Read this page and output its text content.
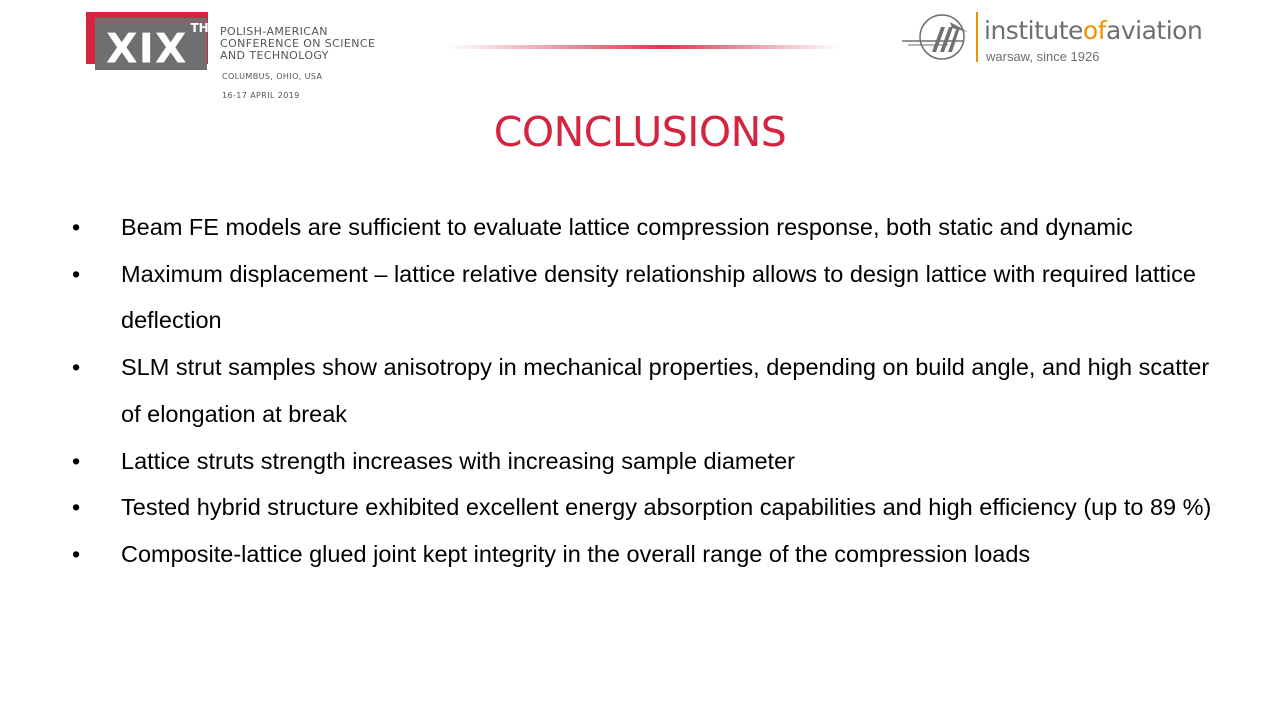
XIX $^{TH}$ POLISH-AMERICAN
CONFERENCE ON SCIENCE
AND TECHNOLOGY
COLUMBUS, OHIO, USA
16-17 APRIL 2019
instituteofaviation
warsaw, since 1926
CONCLUSIONS
• Beam FE models are sufficient to evaluate lattice compression response, both static and dynamic
• Maximum displacement – lattice relative density relationship allows to design lattice with required lattice deflection
• SLM strut samples show anisotropy in mechanical properties, depending on build angle, and high scatter of elongation at break
• Lattice struts strength increases with increasing sample diameter
• Tested hybrid structure exhibited excellent energy absorption capabilities and high efficiency (up to 89 %)
• Composite-lattice glued joint kept integrity in the overall range of the compression loads
